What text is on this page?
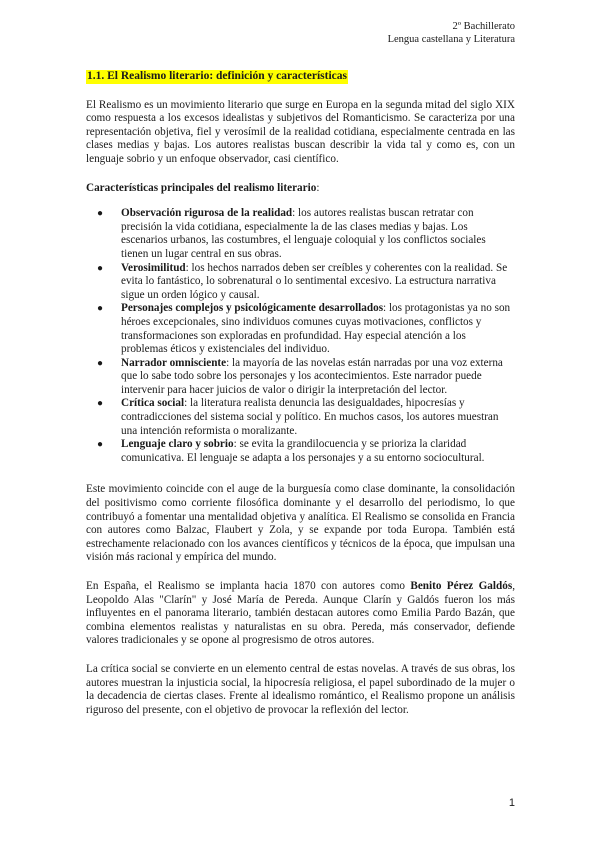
2º Bachillerato
Lengua castellana y Literatura
1.1. El Realismo literario: definición y características

El Realismo es un movimiento literario que surge en Europa en la segunda mitad del siglo XIX como respuesta a los excesos idealistas y subjetivos del Romanticismo. Se caracteriza por una representación objetiva, fiel y verosímil de la realidad cotidiana, especialmente centrada en las clases medias y bajas. Los autores realistas buscan describir la vida tal y como es, con un lenguaje sobrio y un enfoque observador, casi científico.

Características principales del realismo literario:
● Observación rigurosa de la realidad: los autores realistas buscan retratar con precisión la vida cotidiana, especialmente la de las clases medias y bajas. Los escenarios urbanos, las costumbres, el lenguaje coloquial y los conflictos sociales tienen un lugar central en sus obras.
● Verosimilitud: los hechos narrados deben ser creíbles y coherentes con la realidad. Se evita lo fantástico, lo sobrenatural o lo sentimental excesivo. La estructura narrativa sigue un orden lógico y causal.
● Personajes complejos y psicológicamente desarrollados: los protagonistas ya no son héroes excepcionales, sino individuos comunes cuyas motivaciones, conflictos y transformaciones son exploradas en profundidad. Hay especial atención a los problemas éticos y existenciales del individuo.
● Narrador omnisciente: la mayoría de las novelas están narradas por una voz externa que lo sabe todo sobre los personajes y los acontecimientos. Este narrador puede intervenir para hacer juicios de valor o dirigir la interpretación del lector.
● Crítica social: la literatura realista denuncia las desigualdades, hipocresías y contradicciones del sistema social y político. En muchos casos, los autores muestran una intención reformista o moralizante.
● Lenguaje claro y sobrio: se evita la grandilocuencia y se prioriza la claridad comunicativa. El lenguaje se adapta a los personajes y a su entorno sociocultural.

Este movimiento coincide con el auge de la burguesía como clase dominante, la consolidación del positivismo como corriente filosófica dominante y el desarrollo del periodismo, lo que contribuyó a fomentar una mentalidad objetiva y analítica. El Realismo se consolida en Francia con autores como Balzac, Flaubert y Zola, y se expande por toda Europa. También está estrechamente relacionado con los avances científicos y técnicos de la época, que impulsan una visión más racional y empírica del mundo.

En España, el Realismo se implanta hacia 1870 con autores como Benito Pérez Galdós, Leopoldo Alas "Clarín" y José María de Pereda. Aunque Clarín y Galdós fueron los más influyentes en el panorama literario, también destacan autores como Emilia Pardo Bazán, que combina elementos realistas y naturalistas en su obra. Pereda, más conservador, defiende valores tradicionales y se opone al progresismo de otros autores.

La crítica social se convierte en un elemento central de estas novelas. A través de sus obras, los autores muestran la injusticia social, la hipocresía religiosa, el papel subordinado de la mujer o la decadencia de ciertas clases. Frente al idealismo romántico, el Realismo propone un análisis riguroso del presente, con el objetivo de provocar la reflexión del lector.

1
